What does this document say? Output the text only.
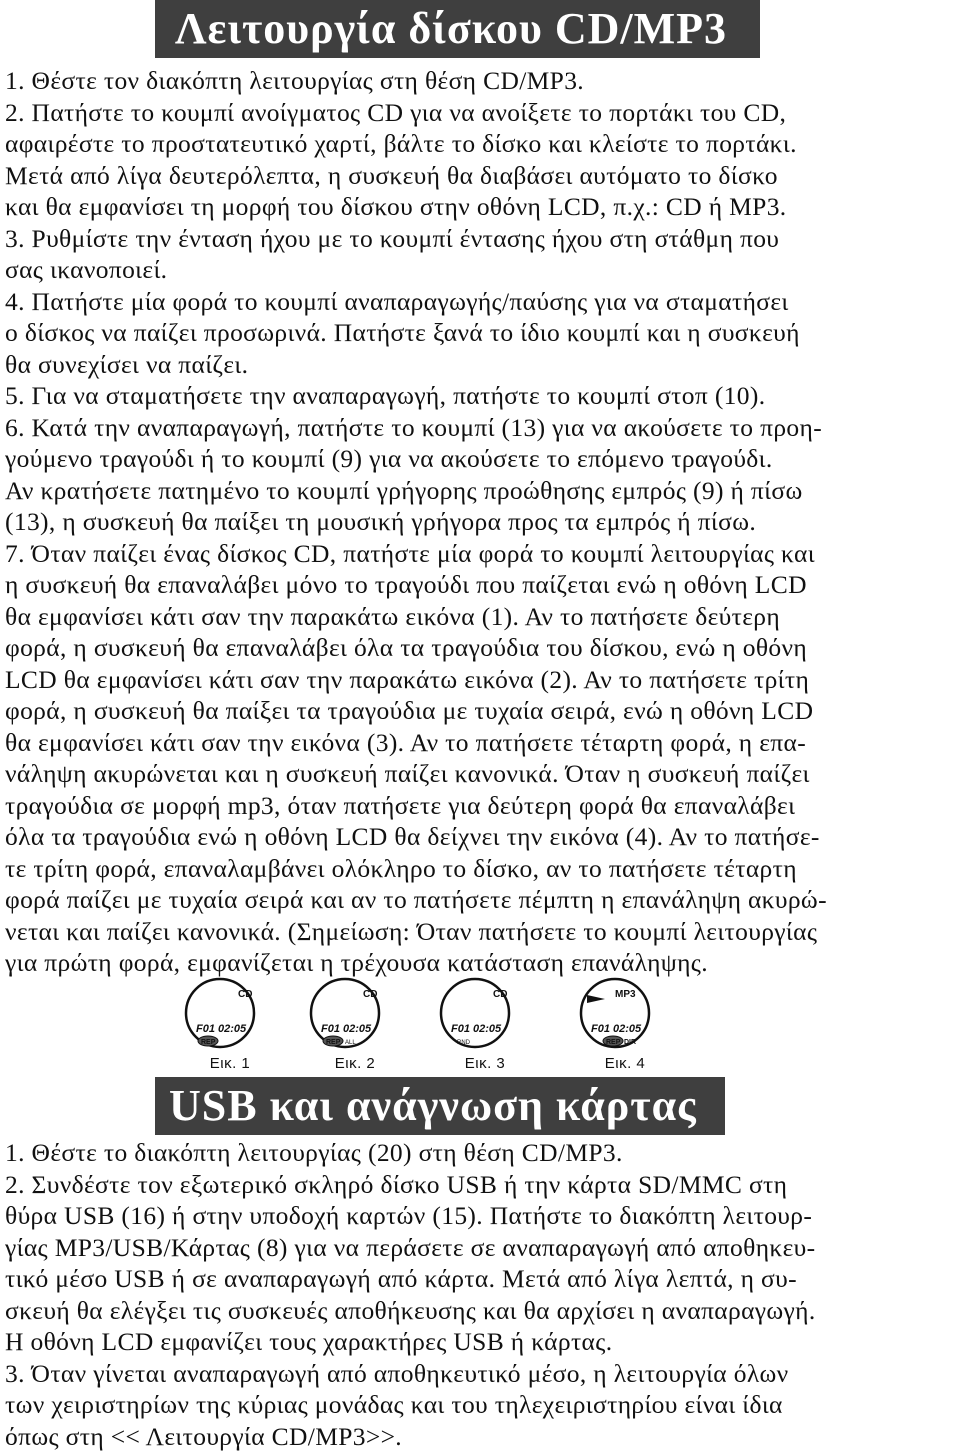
Λειτουργία δίσκου CD/MP3
1. Θέστε τον διακόπτη λειτουργίας στη θέση CD/MP3.
2. Πατήστε το κουμπί ανοίγματος CD για να ανοίξετε το πορτάκι του CD,
αφαιρέστε το προστατευτικό χαρτί, βάλτε το δίσκο και κλείστε το πορτάκι.
Μετά από λίγα δευτερόλεπτα, η συσκευή θα διαβάσει αυτόματο το δίσκο
και θα εμφανίσει τη μορφή του δίσκου στην οθόνη LCD, π.χ.: CD ή MP3.
3. Ρυθμίστε την ένταση ήχου με το κουμπί έντασης ήχου στη στάθμη που
σας ικανοποιεί.
4. Πατήστε μία φορά το κουμπί αναπαραγωγής/παύσης για να σταματήσει
ο δίσκος να παίζει προσωρινά. Πατήστε ξανά το ίδιο κουμπί και η συσκευή
θα συνεχίσει να παίζει.
5. Για να σταματήσετε την αναπαραγωγή, πατήστε το κουμπί στοπ (10).
6. Κατά την αναπαραγωγή, πατήστε το κουμπί (13) για να ακούσετε το προη-
γούμενο τραγούδι ή το κουμπί (9) για να ακούσετε το επόμενο τραγούδι.
Αν κρατήσετε πατημένο το κουμπί γρήγορης προώθησης εμπρός (9) ή πίσω
(13), η συσκευή θα παίξει τη μουσική γρήγορα προς τα εμπρός ή πίσω.
7. Όταν παίζει ένας δίσκος CD, πατήστε μία φορά το κουμπί λειτουργίας και
η συσκευή θα επαναλάβει μόνο το τραγούδι που παίζεται ενώ η οθόνη LCD
θα εμφανίσει κάτι σαν την παρακάτω εικόνα (1). Αν το πατήσετε δεύτερη
φορά, η συσκευή θα επαναλάβει όλα τα τραγούδια του δίσκου, ενώ η οθόνη
LCD θα εμφανίσει κάτι σαν την παρακάτω εικόνα (2). Αν το πατήσετε τρίτη
φορά, η συσκευή θα παίξει τα τραγούδια με τυχαία σειρά, ενώ η οθόνη LCD
θα εμφανίσει κάτι σαν την εικόνα (3). Αν το πατήσετε τέταρτη φορά, η επα-
νάληψη ακυρώνεται και η συσκευή παίζει κανονικά. Όταν η συσκευή παίζει
τραγούδια σε μορφή mp3, όταν πατήσετε για δεύτερη φορά θα επαναλάβει
όλα τα τραγούδια ενώ η οθόνη LCD θα δείχνει την εικόνα (4). Αν το πατήσε-
τε τρίτη φορά, επαναλαμβάνει ολόκληρο το δίσκο, αν το πατήσετε τέταρτη
φορά παίζει με τυχαία σειρά και αν το πατήσετε πέμπτη η επανάληψη ακυρώ-
νεται και παίζει κανονικά. (Σημείωση: Όταν πατήσετε το κουμπί λειτουργίας
για πρώτη φορά, εμφανίζεται η τρέχουσα κατάσταση επανάληψης.
CD
F01 02:05
REP
Εικ. 1
CD
F01 02:05
REP ALL
Εικ. 2
CD
F01 02:05
RND
Εικ. 3
MP3
F01 02:05
REP DIR
Εικ. 4
USB και ανάγνωση κάρτας
1. Θέστε το διακόπτη λειτουργίας (20) στη θέση CD/MP3.
2. Συνδέστε τον εξωτερικό σκληρό δίσκο USB ή την κάρτα SD/MMC στη
θύρα USB (16) ή στην υποδοχή καρτών (15). Πατήστε το διακόπτη λειτουρ-
γίας MP3/USB/Κάρτας (8) για να περάσετε σε αναπαραγωγή από αποθηκευ-
τικό μέσο USB ή σε αναπαραγωγή από κάρτα. Μετά από λίγα λεπτά, η συ-
σκευή θα ελέγξει τις συσκευές αποθήκευσης και θα αρχίσει η αναπαραγωγή.
Η οθόνη LCD εμφανίζει τους χαρακτήρες USB ή κάρτας.
3. Όταν γίνεται αναπαραγωγή από αποθηκευτικό μέσο, η λειτουργία όλων
των χειριστηρίων της κύριας μονάδας και του τηλεχειριστηρίου είναι ίδια
όπως στη << Λειτουργία CD/MP3>>.
